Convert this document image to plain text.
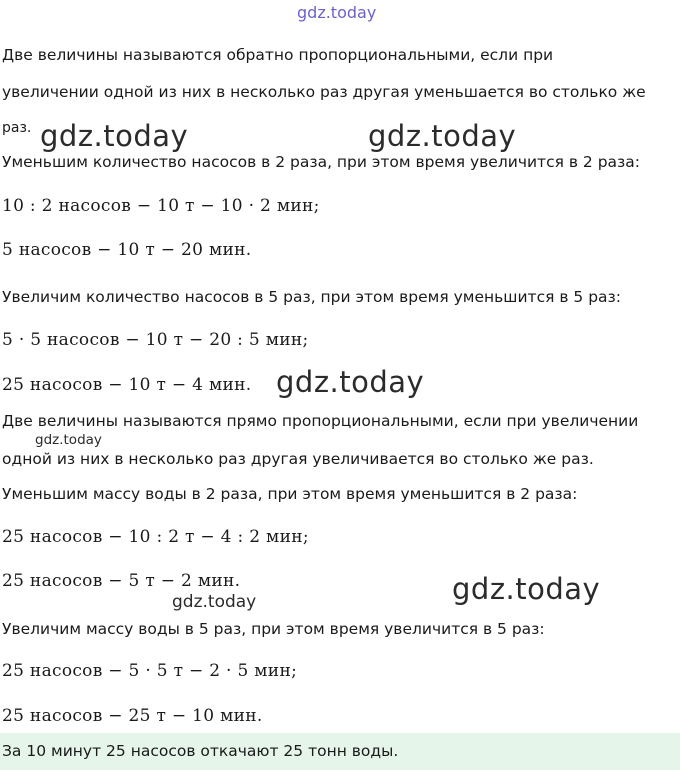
gdz.today
Две величины называются обратно пропорциональными, если при
увеличении одной из них в несколько раз другая уменьшается во столько же
раз. gdz.today	gdz.today
Уменьшим количество насосов в 2 раза, при этом время увеличится в 2 раза:
10 : 2 насосов − 10 т − 10 · 2 мин;
5 насосов − 10 т − 20 мин.
Увеличим количество насосов в 5 раз, при этом время уменьшится в 5 раз:
5 · 5 насосов − 10 т − 20 : 5 мин;
25 насосов − 10 т − 4 мин. gdz.today
Две величины называются прямо пропорциональными, если при увеличении
gdz.today
одной из них в несколько раз другая увеличивается во столько же раз.
Уменьшим массу воды в 2 раза, при этом время уменьшится в 2 раза:
25 насосов − 10 : 2 т − 4 : 2 мин;
25 насосов − 5 т − 2 мин.
gdz.today	gdz.today
Увеличим массу воды в 5 раз, при этом время увеличится в 5 раз:
25 насосов − 5 · 5 т − 2 · 5 мин;
25 насосов − 25 т − 10 мин.
За 10 минут 25 насосов откачают 25 тонн воды.
